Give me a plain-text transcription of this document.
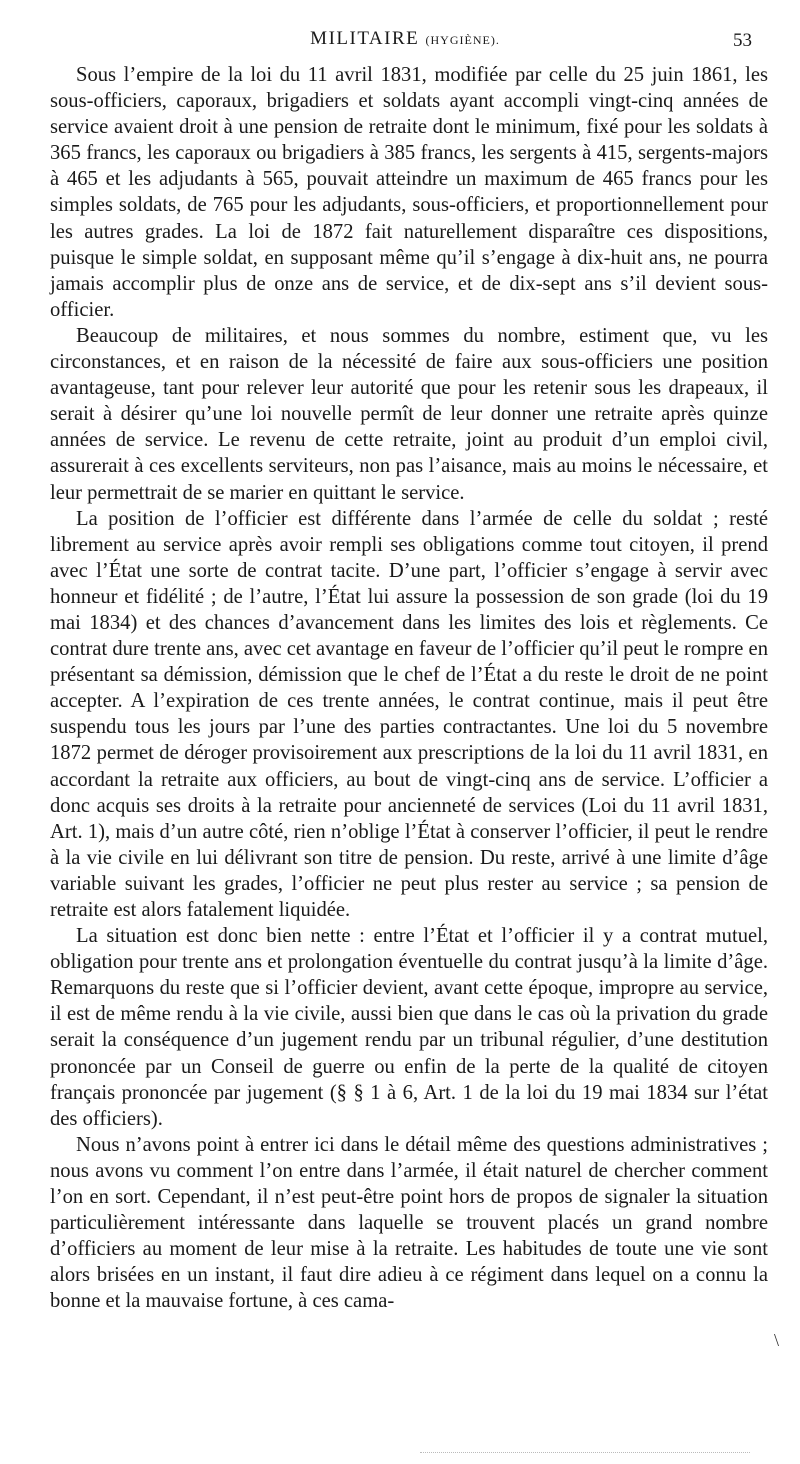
MILITAIRE (HYGIÈNE).	53

Sous l’empire de la loi du 11 avril 1831, modifiée par celle du 25 juin 1861, les sous-officiers, caporaux, brigadiers et soldats ayant accompli vingt-cinq années de service avaient droit à une pension de retraite dont le minimum, fixé pour les soldats à 365 francs, les caporaux ou brigadiers à 385 francs, les sergents à 415, sergents-majors à 465 et les adjudants à 565, pouvait atteindre un maximum de 465 francs pour les simples soldats, de 765 pour les adjudants, sous-officiers, et proportionnellement pour les autres grades. La loi de 1872 fait naturellement disparaître ces dispositions, puisque le simple soldat, en supposant même qu’il s’engage à dix-huit ans, ne pourra jamais accomplir plus de onze ans de service, et de dix-sept ans s’il devient sous-officier.

Beaucoup de militaires, et nous sommes du nombre, estiment que, vu les circonstances, et en raison de la nécessité de faire aux sous-officiers une position avantageuse, tant pour relever leur autorité que pour les retenir sous les drapeaux, il serait à désirer qu’une loi nouvelle permît de leur donner une retraite après quinze années de service. Le revenu de cette retraite, joint au produit d’un emploi civil, assurerait à ces excellents serviteurs, non pas l’aisance, mais au moins le nécessaire, et leur permettrait de se marier en quittant le service.

La position de l’officier est différente dans l’armée de celle du soldat ; resté librement au service après avoir rempli ses obligations comme tout citoyen, il prend avec l’État une sorte de contrat tacite. D’une part, l’officier s’engage à servir avec honneur et fidélité ; de l’autre, l’État lui assure la possession de son grade (loi du 19 mai 1834) et des chances d’avancement dans les limites des lois et règlements. Ce contrat dure trente ans, avec cet avantage en faveur de l’officier qu’il peut le rompre en présentant sa démission, démission que le chef de l’État a du reste le droit de ne point accepter. A l’expiration de ces trente années, le contrat continue, mais il peut être suspendu tous les jours par l’une des parties contractantes. Une loi du 5 novembre 1872 permet de déroger provisoirement aux prescriptions de la loi du 11 avril 1831, en accordant la retraite aux officiers, au bout de vingt-cinq ans de service. L’officier a donc acquis ses droits à la retraite pour ancienneté de services (Loi du 11 avril 1831, Art. 1), mais d’un autre côté, rien n’oblige l’État à conserver l’officier, il peut le rendre à la vie civile en lui délivrant son titre de pension. Du reste, arrivé à une limite d’âge variable suivant les grades, l’officier ne peut plus rester au service ; sa pension de retraite est alors fatalement liquidée.

La situation est donc bien nette : entre l’État et l’officier il y a contrat mutuel, obligation pour trente ans et prolongation éventuelle du contrat jusqu’à la limite d’âge. Remarquons du reste que si l’officier devient, avant cette époque, impropre au service, il est de même rendu à la vie civile, aussi bien que dans le cas où la privation du grade serait la conséquence d’un jugement rendu par un tribunal régulier, d’une destitution prononcée par un Conseil de guerre ou enfin de la perte de la qualité de citoyen français prononcée par jugement (§ § 1 à 6, Art. 1 de la loi du 19 mai 1834 sur l’état des officiers).

Nous n’avons point à entrer ici dans le détail même des questions administratives ; nous avons vu comment l’on entre dans l’armée, il était naturel de chercher comment l’on en sort. Cependant, il n’est peut-être point hors de propos de signaler la situation particulièrement intéressante dans laquelle se trouvent placés un grand nombre d’officiers au moment de leur mise à la retraite. Les habitudes de toute une vie sont alors brisées en un instant, il faut dire adieu à ce régiment dans lequel on a connu la bonne et la mauvaise fortune, à ces cama-

\
